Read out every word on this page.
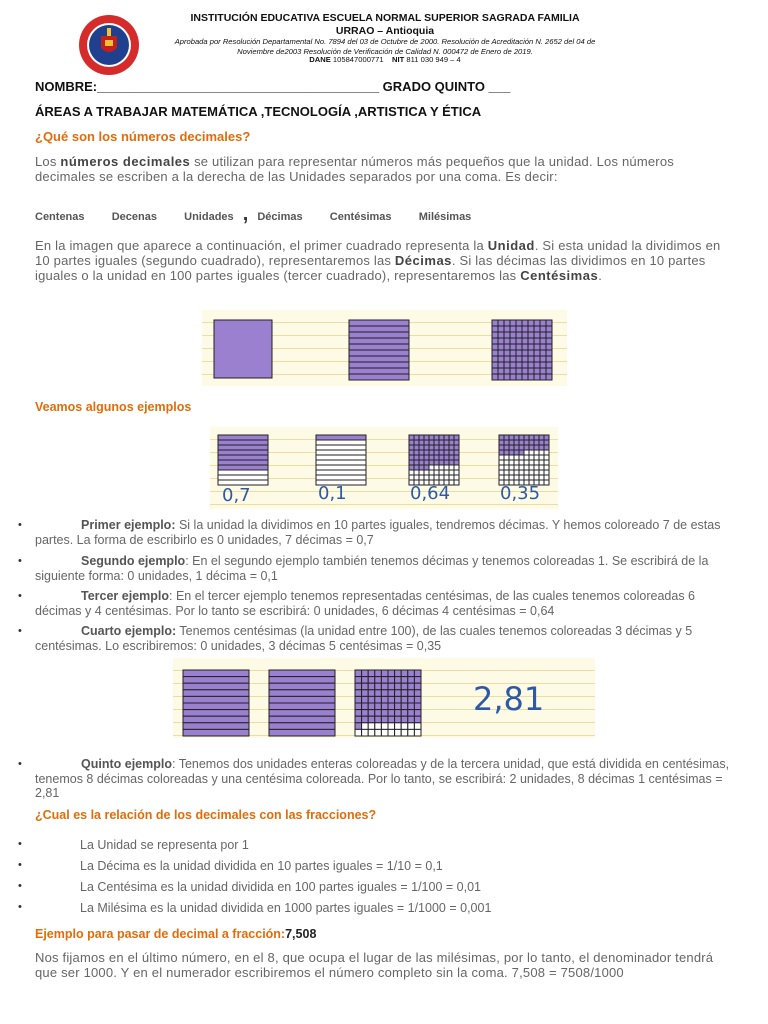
INSTITUCIÓN EDUCATIVA ESCUELA NORMAL SUPERIOR SAGRADA FAMILIA
URRAO – Antioquia
Aprobada por Resolución Departamental No. 7894 del 03 de Octubre de 2000. Resolución de Acreditación N. 2652 del 04 de
Noviembre de2003 Resolución de Verificación de Calidad N. 000472 de Enero de 2019.
DANE 105847000771 NIT 811 030 949 – 4
NOMBRE:_______________________________________ GRADO QUINTO ___
ÁREAS A TRABAJAR MATEMÁTICA ,TECNOLOGÍA ,ARTISTICA Y ÉTICA
¿Qué son los números decimales?
Los números decimales se utilizan para representar números más pequeños que la unidad. Los números decimales se escriben a la derecha de las Unidades separados por una coma. Es decir:
Centenas Decenas Unidades , Décimas Centésimas Milésimas
En la imagen que aparece a continuación, el primer cuadrado representa la Unidad. Si esta unidad la dividimos en 10 partes iguales (segundo cuadrado), representaremos las Décimas. Si las décimas las dividimos en 10 partes iguales o la unidad en 100 partes iguales (tercer cuadrado), representaremos las Centésimas.
Veamos algunos ejemplos
0,7	0,1	0,64	0,35
•	Primer ejemplo: Si la unidad la dividimos en 10 partes iguales, tendremos décimas. Y hemos coloreado 7 de estas partes. La forma de escribirlo es 0 unidades, 7 décimas = 0,7
•	Segundo ejemplo: En el segundo ejemplo también tenemos décimas y tenemos coloreadas 1. Se escribirá de la siguiente forma: 0 unidades, 1 décima = 0,1
•	Tercer ejemplo: En el tercer ejemplo tenemos representadas centésimas, de las cuales tenemos coloreadas 6 décimas y 4 centésimas. Por lo tanto se escribirá: 0 unidades, 6 décimas 4 centésimas = 0,64
•	Cuarto ejemplo: Tenemos centésimas (la unidad entre 100), de las cuales tenemos coloreadas 3 décimas y 5 centésimas. Lo escribiremos: 0 unidades, 3 décimas 5 centésimas = 0,35
2,81
•	Quinto ejemplo: Tenemos dos unidades enteras coloreadas y de la tercera unidad, que está dividida en centésimas, tenemos 8 décimas coloreadas y una centésima coloreada. Por lo tanto, se escribirá: 2 unidades, 8 décimas 1 centésimas = 2,81
¿Cual es la relación de los decimales con las fracciones?
•	La Unidad se representa por 1
•	La Décima es la unidad dividida en 10 partes iguales = 1/10 = 0,1
•	La Centésima es la unidad dividida en 100 partes iguales = 1/100 = 0,01
•	La Milésima es la unidad dividida en 1000 partes iguales = 1/1000 = 0,001
Ejemplo para pasar de decimal a fracción:7,508
Nos fijamos en el último número, en el 8, que ocupa el lugar de las milésimas, por lo tanto, el denominador tendrá que ser 1000. Y en el numerador escribiremos el número completo sin la coma. 7,508 = 7508/1000
